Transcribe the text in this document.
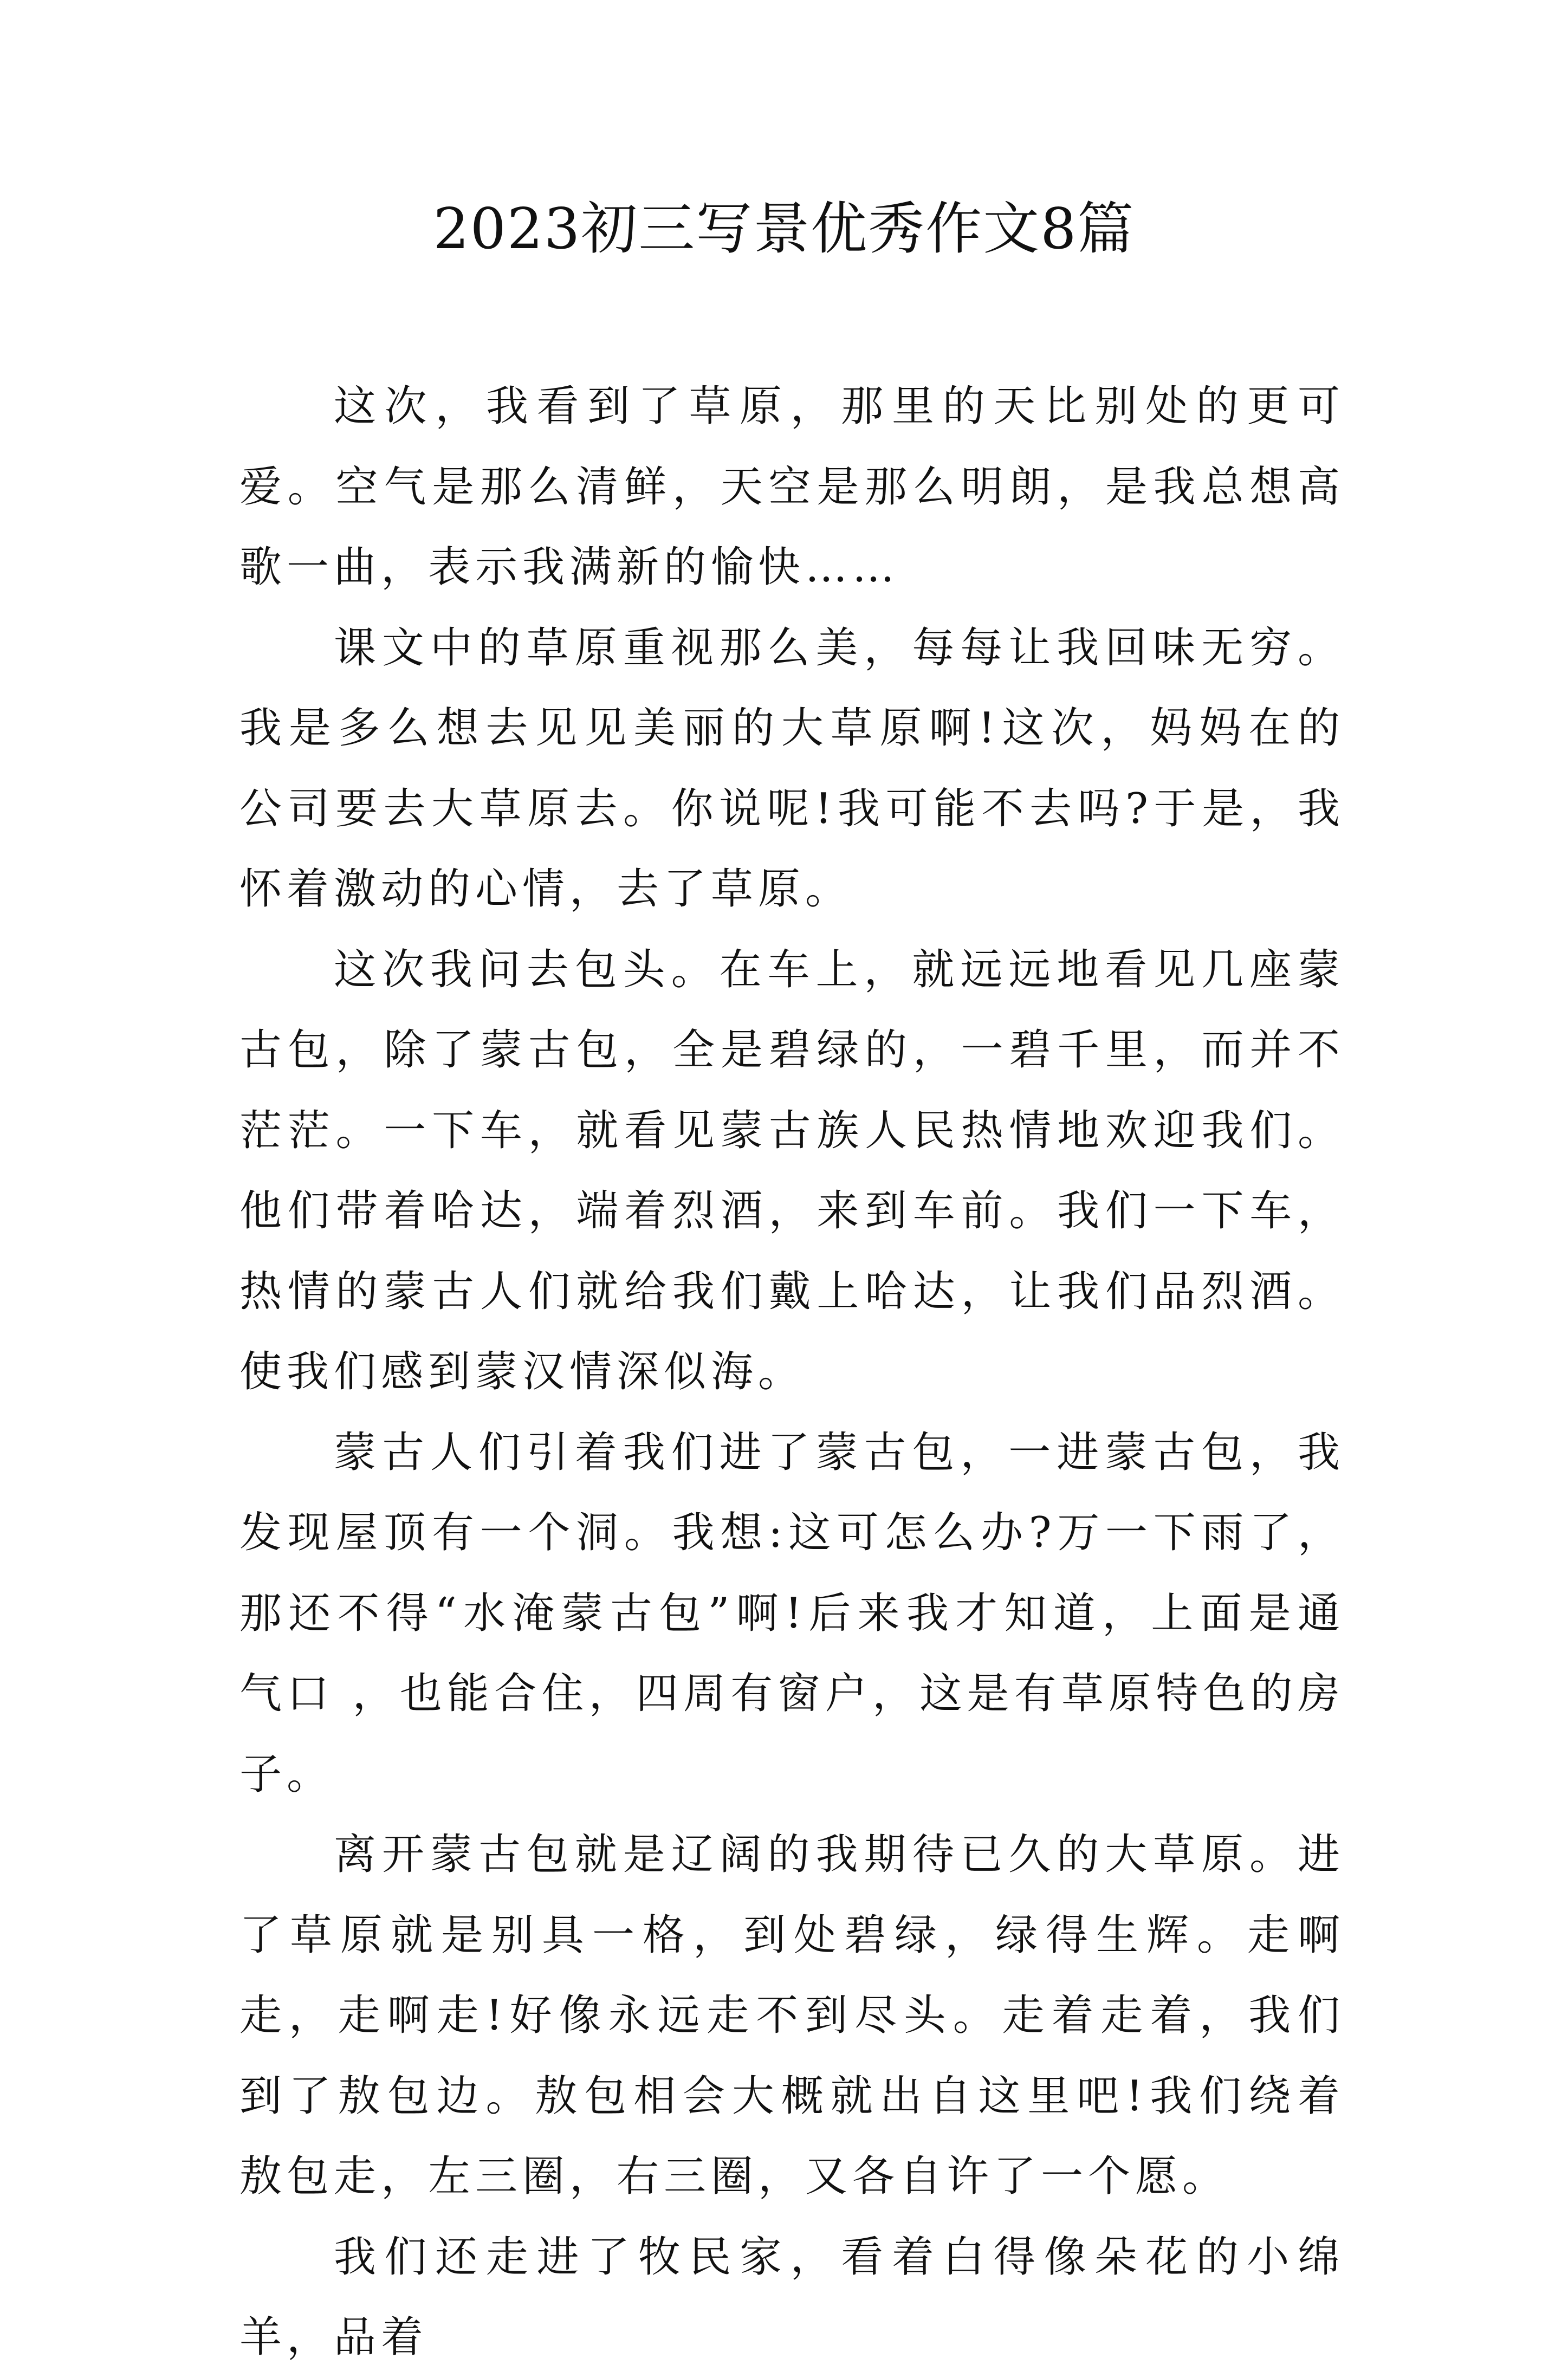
2023初三写景优秀作文8篇

这次，我看到了草原，那里的天比别处的更可爱。空气是那么清鲜，天空是那么明朗，是我总想高歌一曲，表示我满新的愉快……

课文中的草原重视那么美，每每让我回味无穷。我是多么想去见见美丽的大草原啊!这次，妈妈在的公司要去大草原去。你说呢!我可能不去吗?于是，我怀着激动的心情，去了草原。

这次我问去包头。在车上，就远远地看见几座蒙古包，除了蒙古包，全是碧绿的，一碧千里，而并不茫茫。一下车，就看见蒙古族人民热情地欢迎我们。他们带着哈达，端着烈酒，来到车前。我们一下车，热情的蒙古人们就给我们戴上哈达，让我们品烈酒。使我们感到蒙汉情深似海。

蒙古人们引着我们进了蒙古包，一进蒙古包，我发现屋顶有一个洞。我想:这可怎么办?万一下雨了，那还不得“水淹蒙古包”啊!后来我才知道，上面是通气口 ，也能合住，四周有窗户，这是有草原特色的房子。

离开蒙古包就是辽阔的我期待已久的大草原。进了草原就是别具一格，到处碧绿，绿得生辉。走啊走，走啊走!好像永远走不到尽头。走着走着，我们到了敖包边。敖包相会大概就出自这里吧!我们绕着敖包走，左三圈，右三圈，又各自许了一个愿。

我们还走进了牧民家，看着白得像朵花的小绵羊，品着
